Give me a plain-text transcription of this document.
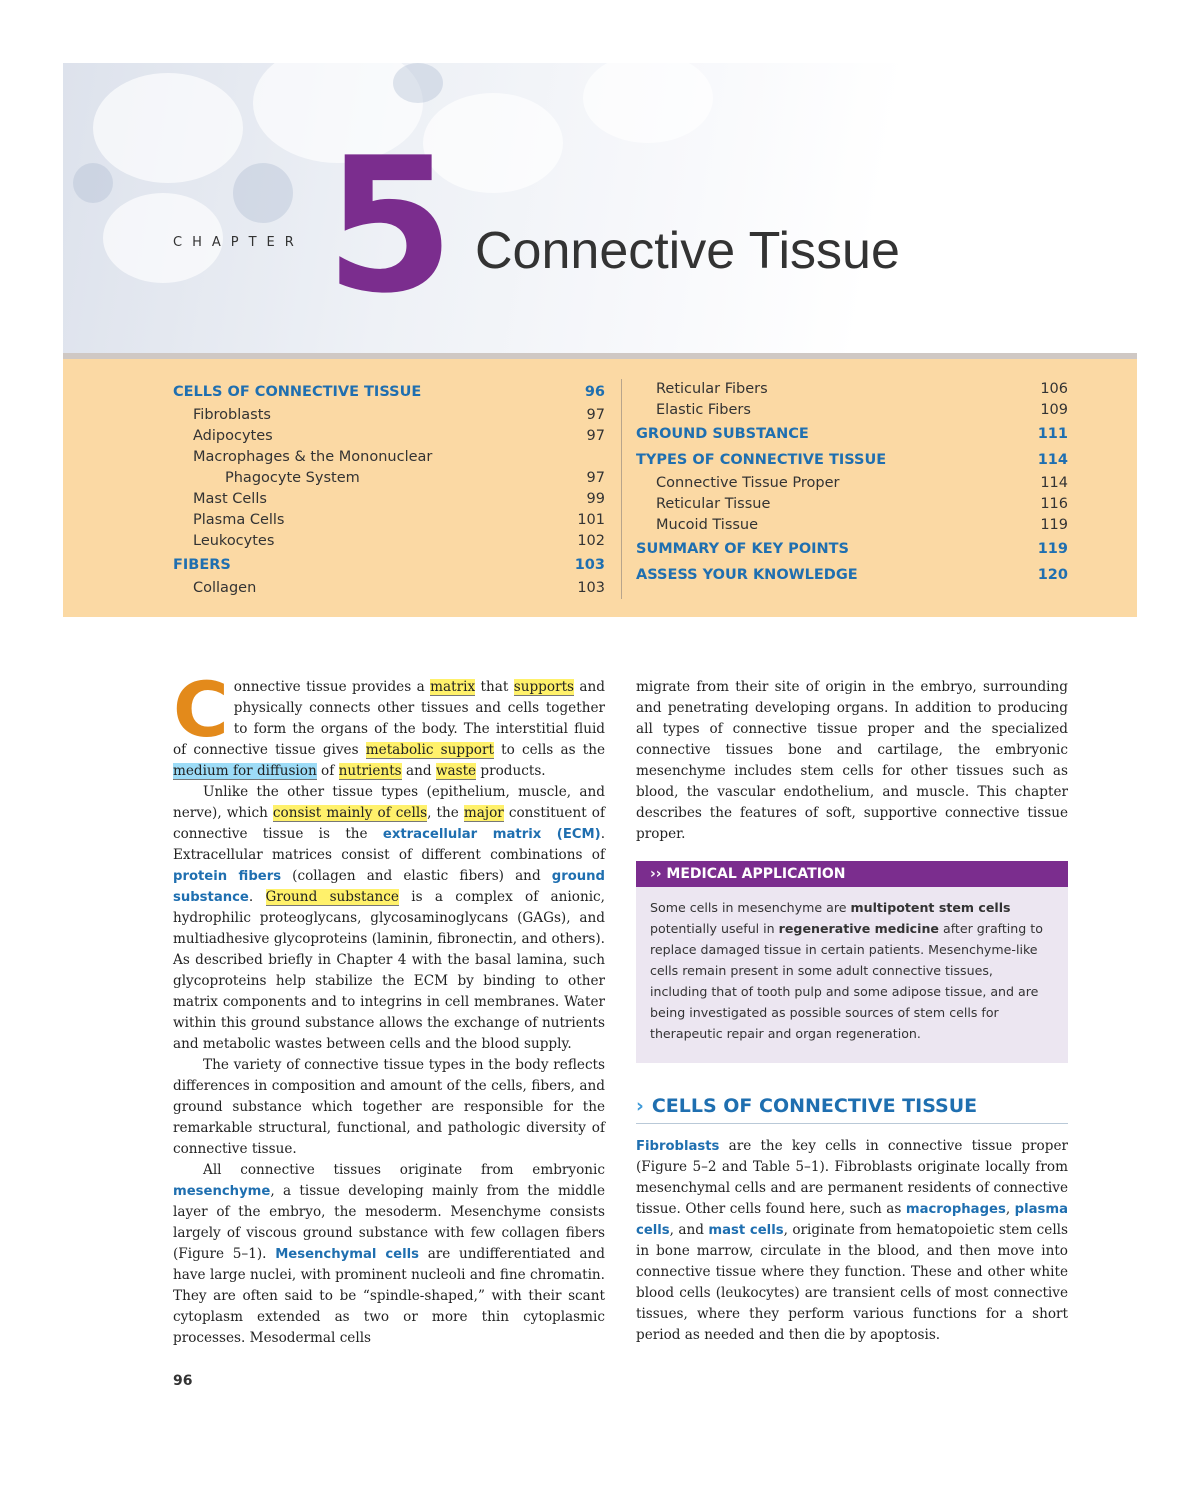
CHAPTER 5 Connective Tissue
CELLS OF CONNECTIVE TISSUE	96
Fibroblasts	97
Adipocytes	97
Macrophages & the Mononuclear
Phagocyte System	97
Mast Cells	99
Plasma Cells	101
Leukocytes	102
FIBERS	103
Collagen	103
Reticular Fibers	106
Elastic Fibers	109
GROUND SUBSTANCE	111
TYPES OF CONNECTIVE TISSUE	114
Connective Tissue Proper	114
Reticular Tissue	116
Mucoid Tissue	119
SUMMARY OF KEY POINTS	119
ASSESS YOUR KNOWLEDGE	120

Connective tissue provides a matrix that supports and physically connects other tissues and cells together to form the organs of the body. The interstitial fluid of connective tissue gives metabolic support to cells as the medium for diffusion of nutrients and waste products.

Unlike the other tissue types (epithelium, muscle, and nerve), which consist mainly of cells, the major constituent of connective tissue is the extracellular matrix (ECM). Extracellular matrices consist of different combinations of protein fibers (collagen and elastic fibers) and ground substance. Ground substance is a complex of anionic, hydrophilic proteoglycans, glycosaminoglycans (GAGs), and multiadhesive glycoproteins (laminin, fibronectin, and others). As described briefly in Chapter 4 with the basal lamina, such glycoproteins help stabilize the ECM by binding to other matrix components and to integrins in cell membranes. Water within this ground substance allows the exchange of nutrients and metabolic wastes between cells and the blood supply.

The variety of connective tissue types in the body reflects differences in composition and amount of the cells, fibers, and ground substance which together are responsible for the remarkable structural, functional, and pathologic diversity of connective tissue.

All connective tissues originate from embryonic mesenchyme, a tissue developing mainly from the middle layer of the embryo, the mesoderm. Mesenchyme consists largely of viscous ground substance with few collagen fibers (Figure 5–1). Mesenchymal cells are undifferentiated and have large nuclei, with prominent nucleoli and fine chromatin. They are often said to be “spindle-shaped,” with their scant cytoplasm extended as two or more thin cytoplasmic processes. Mesodermal cells

migrate from their site of origin in the embryo, surrounding and penetrating developing organs. In addition to producing all types of connective tissue proper and the specialized connective tissues bone and cartilage, the embryonic mesenchyme includes stem cells for other tissues such as blood, the vascular endothelium, and muscle. This chapter describes the features of soft, supportive connective tissue proper.

›› MEDICAL APPLICATION
Some cells in mesenchyme are multipotent stem cells potentially useful in regenerative medicine after grafting to replace damaged tissue in certain patients. Mesenchyme-like cells remain present in some adult connective tissues, including that of tooth pulp and some adipose tissue, and are being investigated as possible sources of stem cells for therapeutic repair and organ regeneration.
› CELLS OF CONNECTIVE TISSUE

Fibroblasts are the key cells in connective tissue proper (Figure 5–2 and Table 5–1). Fibroblasts originate locally from mesenchymal cells and are permanent residents of connective tissue. Other cells found here, such as macrophages, plasma cells, and mast cells, originate from hematopoietic stem cells in bone marrow, circulate in the blood, and then move into connective tissue where they function. These and other white blood cells (leukocytes) are transient cells of most connective tissues, where they perform various functions for a short period as needed and then die by apoptosis.

96
